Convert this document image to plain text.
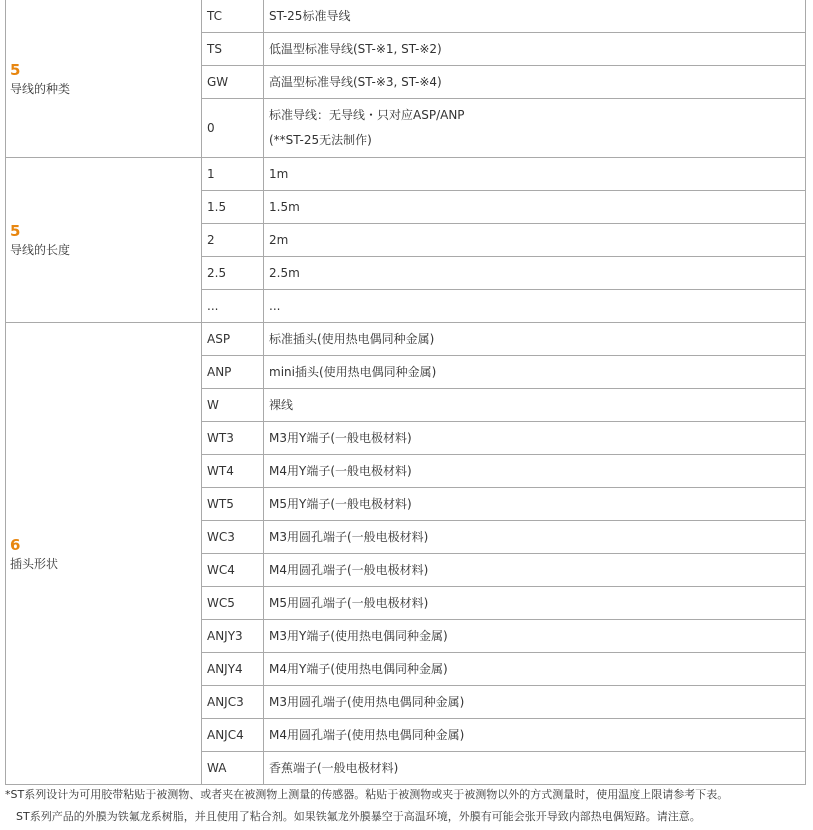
5
导线的种类	TC	ST-25标准导线
	TS	低温型标准导线(ST-※1, ST-※2)
	GW	高温型标准导线(ST-※3, ST-※4)
	0	标准导线：无导线・只对应ASP/ANP
(**ST-25无法制作)

5
导线的长度	1	1m
	1.5	1.5m
	2	2m
	2.5	2.5m
	...	...

6
插头形状	ASP	标准插头(使用热电偶同种金属)
	ANP	mini插头(使用热电偶同种金属)
	W	裸线
	WT3	M3用Y端子(一般电极材料)
	WT4	M4用Y端子(一般电极材料)
	WT5	M5用Y端子(一般电极材料)
	WC3	M3用圆孔端子(一般电极材料)
	WC4	M4用圆孔端子(一般电极材料)
	WC5	M5用圆孔端子(一般电极材料)
	ANJY3	M3用Y端子(使用热电偶同种金属)
	ANJY4	M4用Y端子(使用热电偶同种金属)
	ANJC3	M3用圆孔端子(使用热电偶同种金属)
	ANJC4	M4用圆孔端子(使用热电偶同种金属)
	WA	香蕉端子(一般电极材料)
*ST系列设计为可用胶带粘贴于被测物、或者夹在被测物上测量的传感器。粘贴于被测物或夹于被测物以外的方式测量时，使用温度上限请参考下表。
ST系列产品的外膜为铁氟龙系树脂，并且使用了粘合剂。如果铁氟龙外膜暴空于高温环境，外膜有可能会张开导致内部热电偶短路。请注意。
